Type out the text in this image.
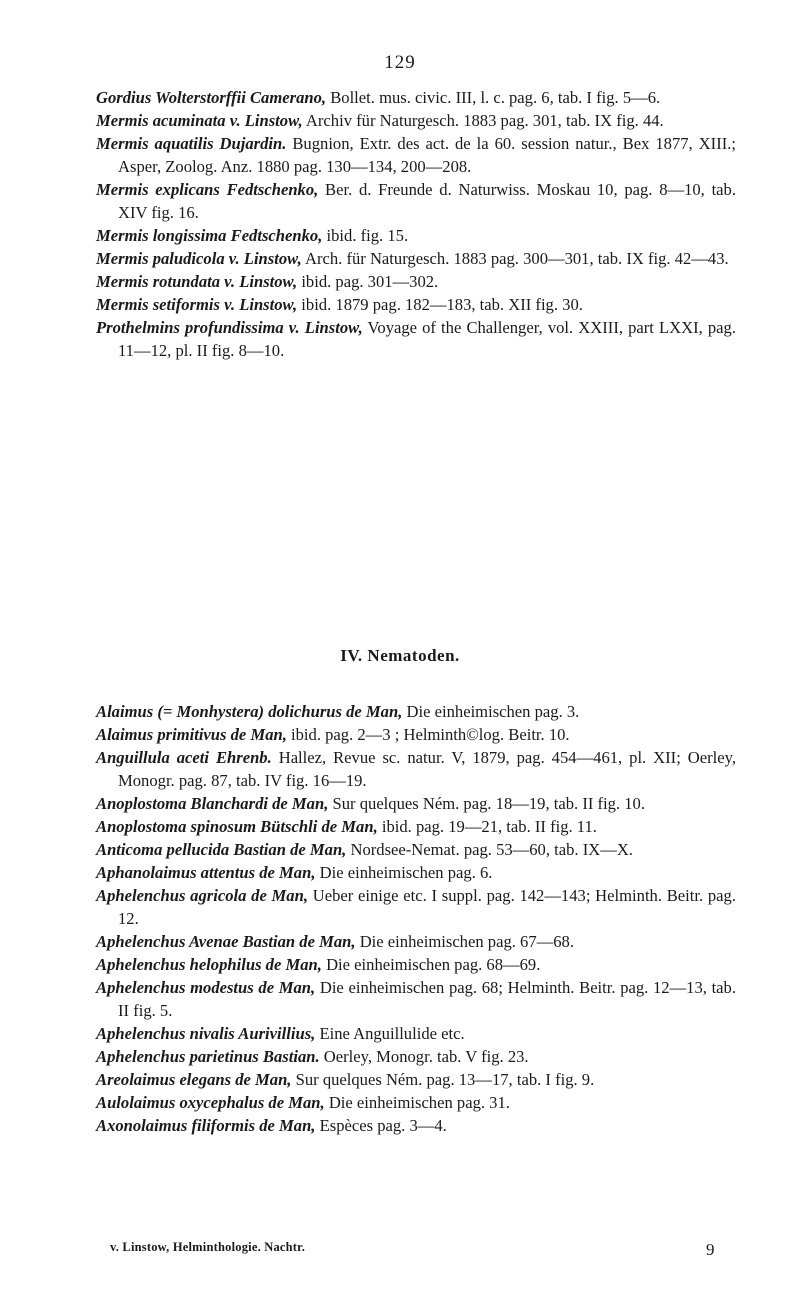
129
Gordius Wolterstorffii Camerano, Bollet. mus. civic. III, l. c. pag. 6, tab. I fig. 5—6.
Mermis acuminata v. Linstow, Archiv für Naturgesch. 1883 pag. 301, tab. IX fig. 44.
Mermis aquatilis Dujardin. Bugnion, Extr. des act. de la 60. session natur., Bex 1877, XIII.; Asper, Zoolog. Anz. 1880 pag. 130—134, 200—208.
Mermis explicans Fedtschenko, Ber. d. Freunde d. Naturwiss. Moskau 10, pag. 8—10, tab. XIV fig. 16.
Mermis longissima Fedtschenko, ibid. fig. 15.
Mermis paludicola v. Linstow, Arch. für Naturgesch. 1883 pag. 300—301, tab. IX fig. 42—43.
Mermis rotundata v. Linstow, ibid. pag. 301—302.
Mermis setiformis v. Linstow, ibid. 1879 pag. 182—183, tab. XII fig. 30.
Prothelmins profundissima v. Linstow, Voyage of the Challenger, vol. XXIII, part LXXI, pag. 11—12, pl. II fig. 8—10.
IV. Nematoden.
Alaimus (= Monhystera) dolichurus de Man, Die einheimischen pag. 3.
Alaimus primitivus de Man, ibid. pag. 2—3 ; Helminth©log. Beitr. 10.
Anguillula aceti Ehrenb. Hallez, Revue sc. natur. V, 1879, pag. 454—461, pl. XII; Oerley, Monogr. pag. 87, tab. IV fig. 16—19.
Anoplostoma Blanchardi de Man, Sur quelques Ném. pag. 18—19, tab. II fig. 10.
Anoplostoma spinosum Bütschli de Man, ibid. pag. 19—21, tab. II fig. 11.
Anticoma pellucida Bastian de Man, Nordsee-Nemat. pag. 53—60, tab. IX—X.
Aphanolaimus attentus de Man, Die einheimischen pag. 6.
Aphelenchus agricola de Man, Ueber einige etc. I suppl. pag. 142—143; Helminth. Beitr. pag. 12.
Aphelenchus Avenae Bastian de Man, Die einheimischen pag. 67—68.
Aphelenchus helophilus de Man, Die einheimischen pag. 68—69.
Aphelenchus modestus de Man, Die einheimischen pag. 68; Helminth. Beitr. pag. 12—13, tab. II fig. 5.
Aphelenchus nivalis Aurivillius, Eine Anguillulide etc.
Aphelenchus parietinus Bastian. Oerley, Monogr. tab. V fig. 23.
Areolaimus elegans de Man, Sur quelques Ném. pag. 13—17, tab. I fig. 9.
Aulolaimus oxycephalus de Man, Die einheimischen pag. 31.
Axonolaimus filiformis de Man, Espèces pag. 3—4.
v. Linstow, Helminthologie. Nachtr.	9
